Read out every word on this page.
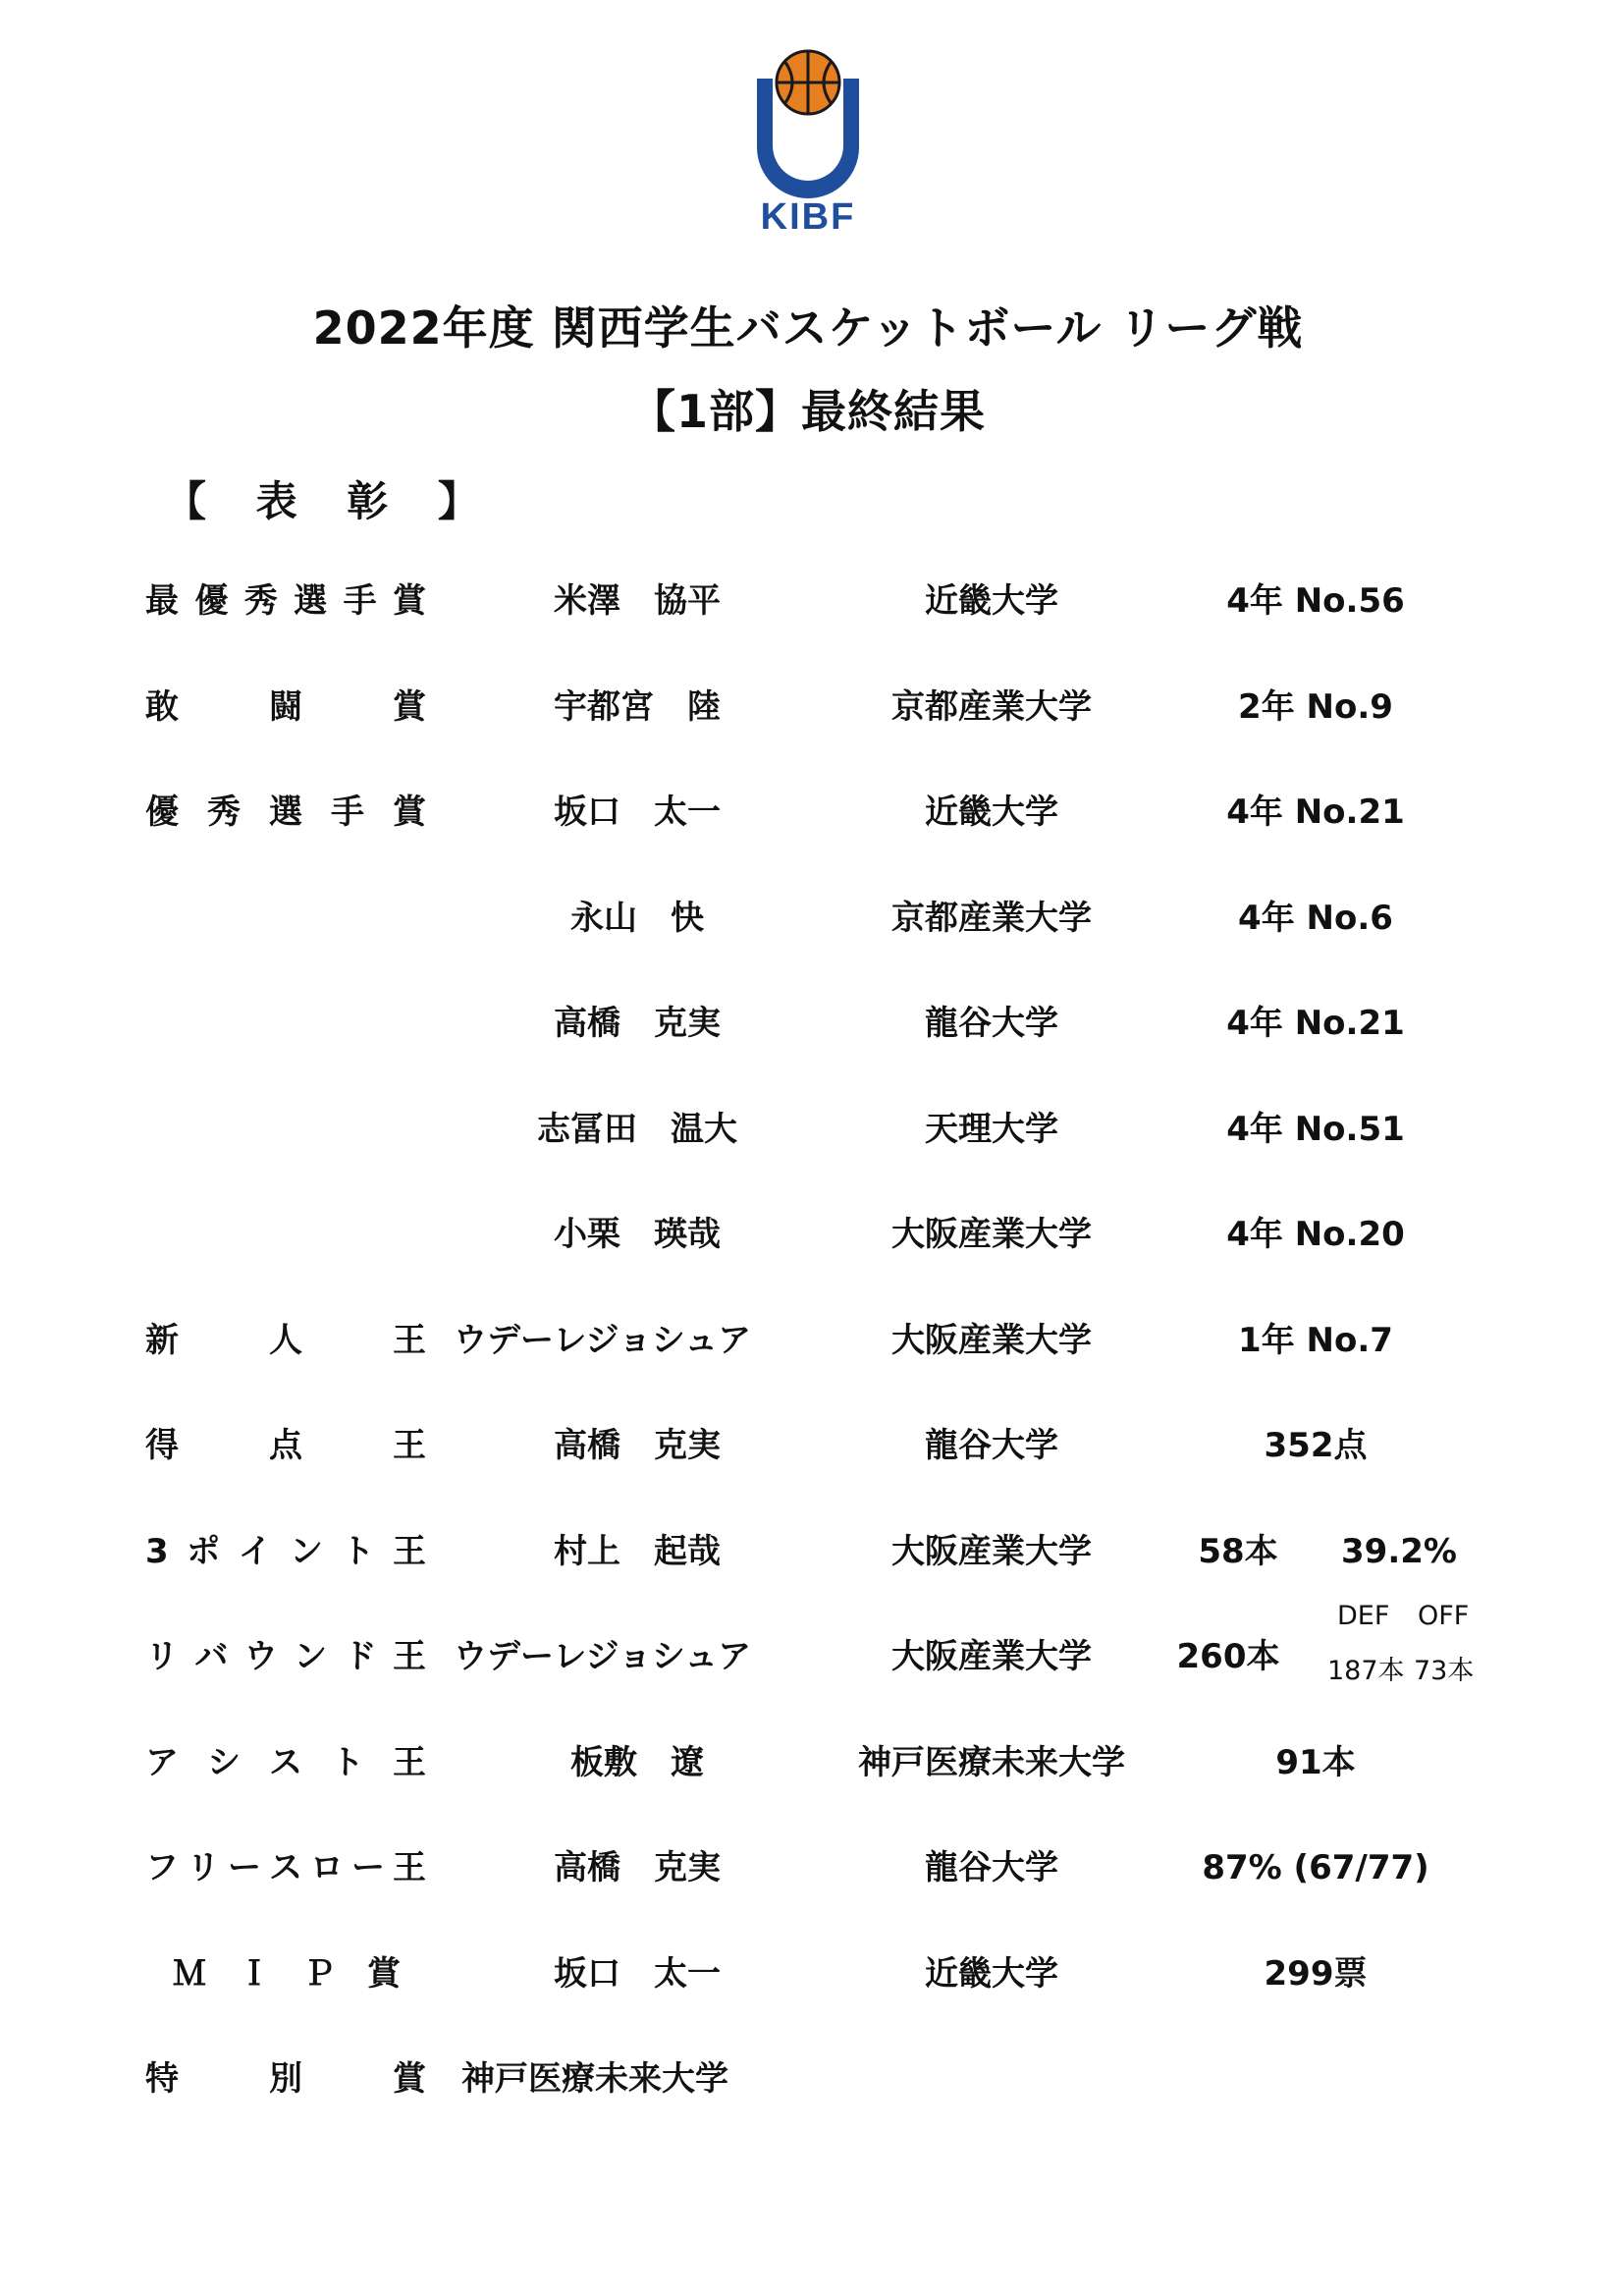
KIBF
2022年度 関西学生バスケットボール リーグ戦
【1部】最終結果
【 表 彰 】
最 優 秀 選 手 賞	米澤　協平	近畿大学	4年 No.56
敢	闘	賞	宇都宮　陸	京都産業大学	2年 No.9
優 秀 選 手 賞	坂口　太一	近畿大学	4年 No.21
永山　快	京都産業大学	4年 No.6
高橋　克実	龍谷大学	4年 No.21
志冨田　温大	天理大学	4年 No.51
小栗　瑛哉	大阪産業大学	4年 No.20
新	人	王 ウデーレジョシュア	大阪産業大学	1年 No.7
得	点	王	高橋　克実	龍谷大学	352点
3 ポ イ ン ト 王	村上　起哉	大阪産業大学	58本	39.2%
リ バ ウ ン ド 王 ウデーレジョシュア	大阪産業大学	260本
DEF OFF
187本 73本
ア シ ス ト 王	板敷　遼	神戸医療未来大学	91本
フ リ ー ス ロ ー 王	高橋　克実	龍谷大学	87% (67/77)
Ｍ Ｉ Ｐ 賞	坂口　太一	近畿大学	299票
特	別	賞 神戸医療未来大学
